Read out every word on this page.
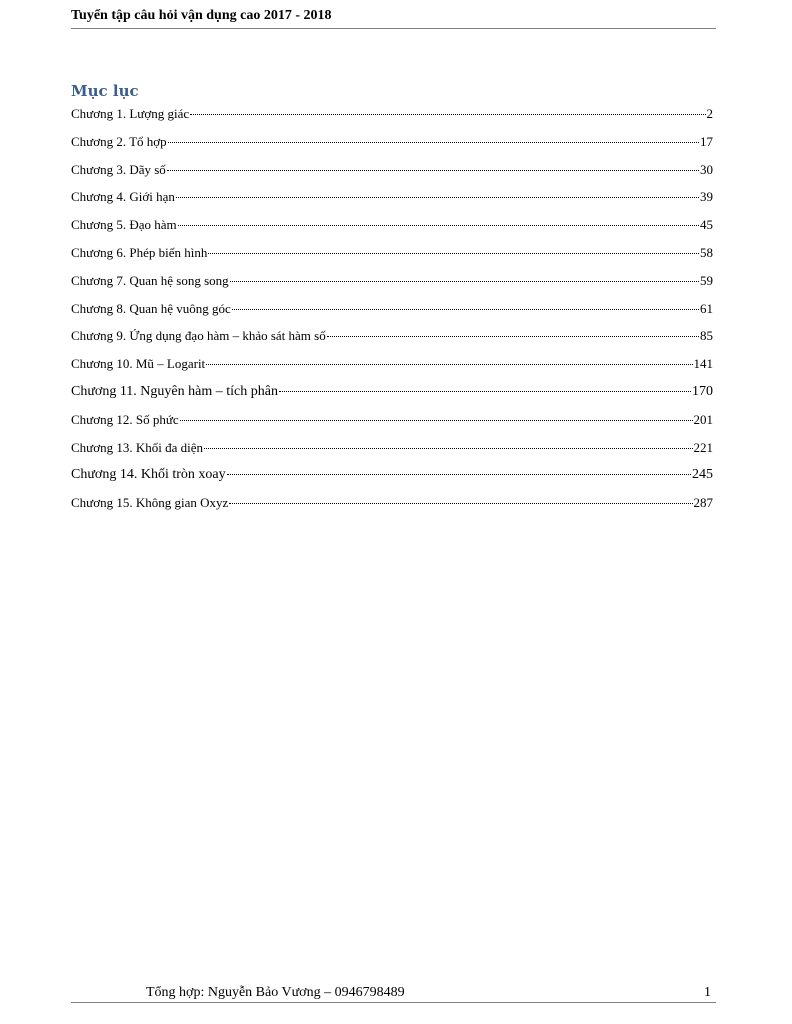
Tuyển tập câu hỏi vận dụng cao 2017 - 2018
Mục lục
Chương 1. Lượng giác	2
Chương 2. Tổ hợp	17
Chương 3. Dãy số	30
Chương 4. Giới hạn	39
Chương 5. Đạo hàm	45
Chương 6. Phép biến hình	58
Chương 7. Quan hệ song song	59
Chương 8. Quan hệ vuông góc	61
Chương 9. Ứng dụng đạo hàm – khảo sát hàm số	85
Chương 10. Mũ – Logarit	141
Chương 11. Nguyên hàm – tích phân	170
Chương 12. Số phức	201
Chương 13. Khối đa diện	221
Chương 14. Khối tròn xoay	245
Chương 15. Không gian Oxyz	287
Tổng hợp: Nguyễn Bảo Vương – 0946798489	1
